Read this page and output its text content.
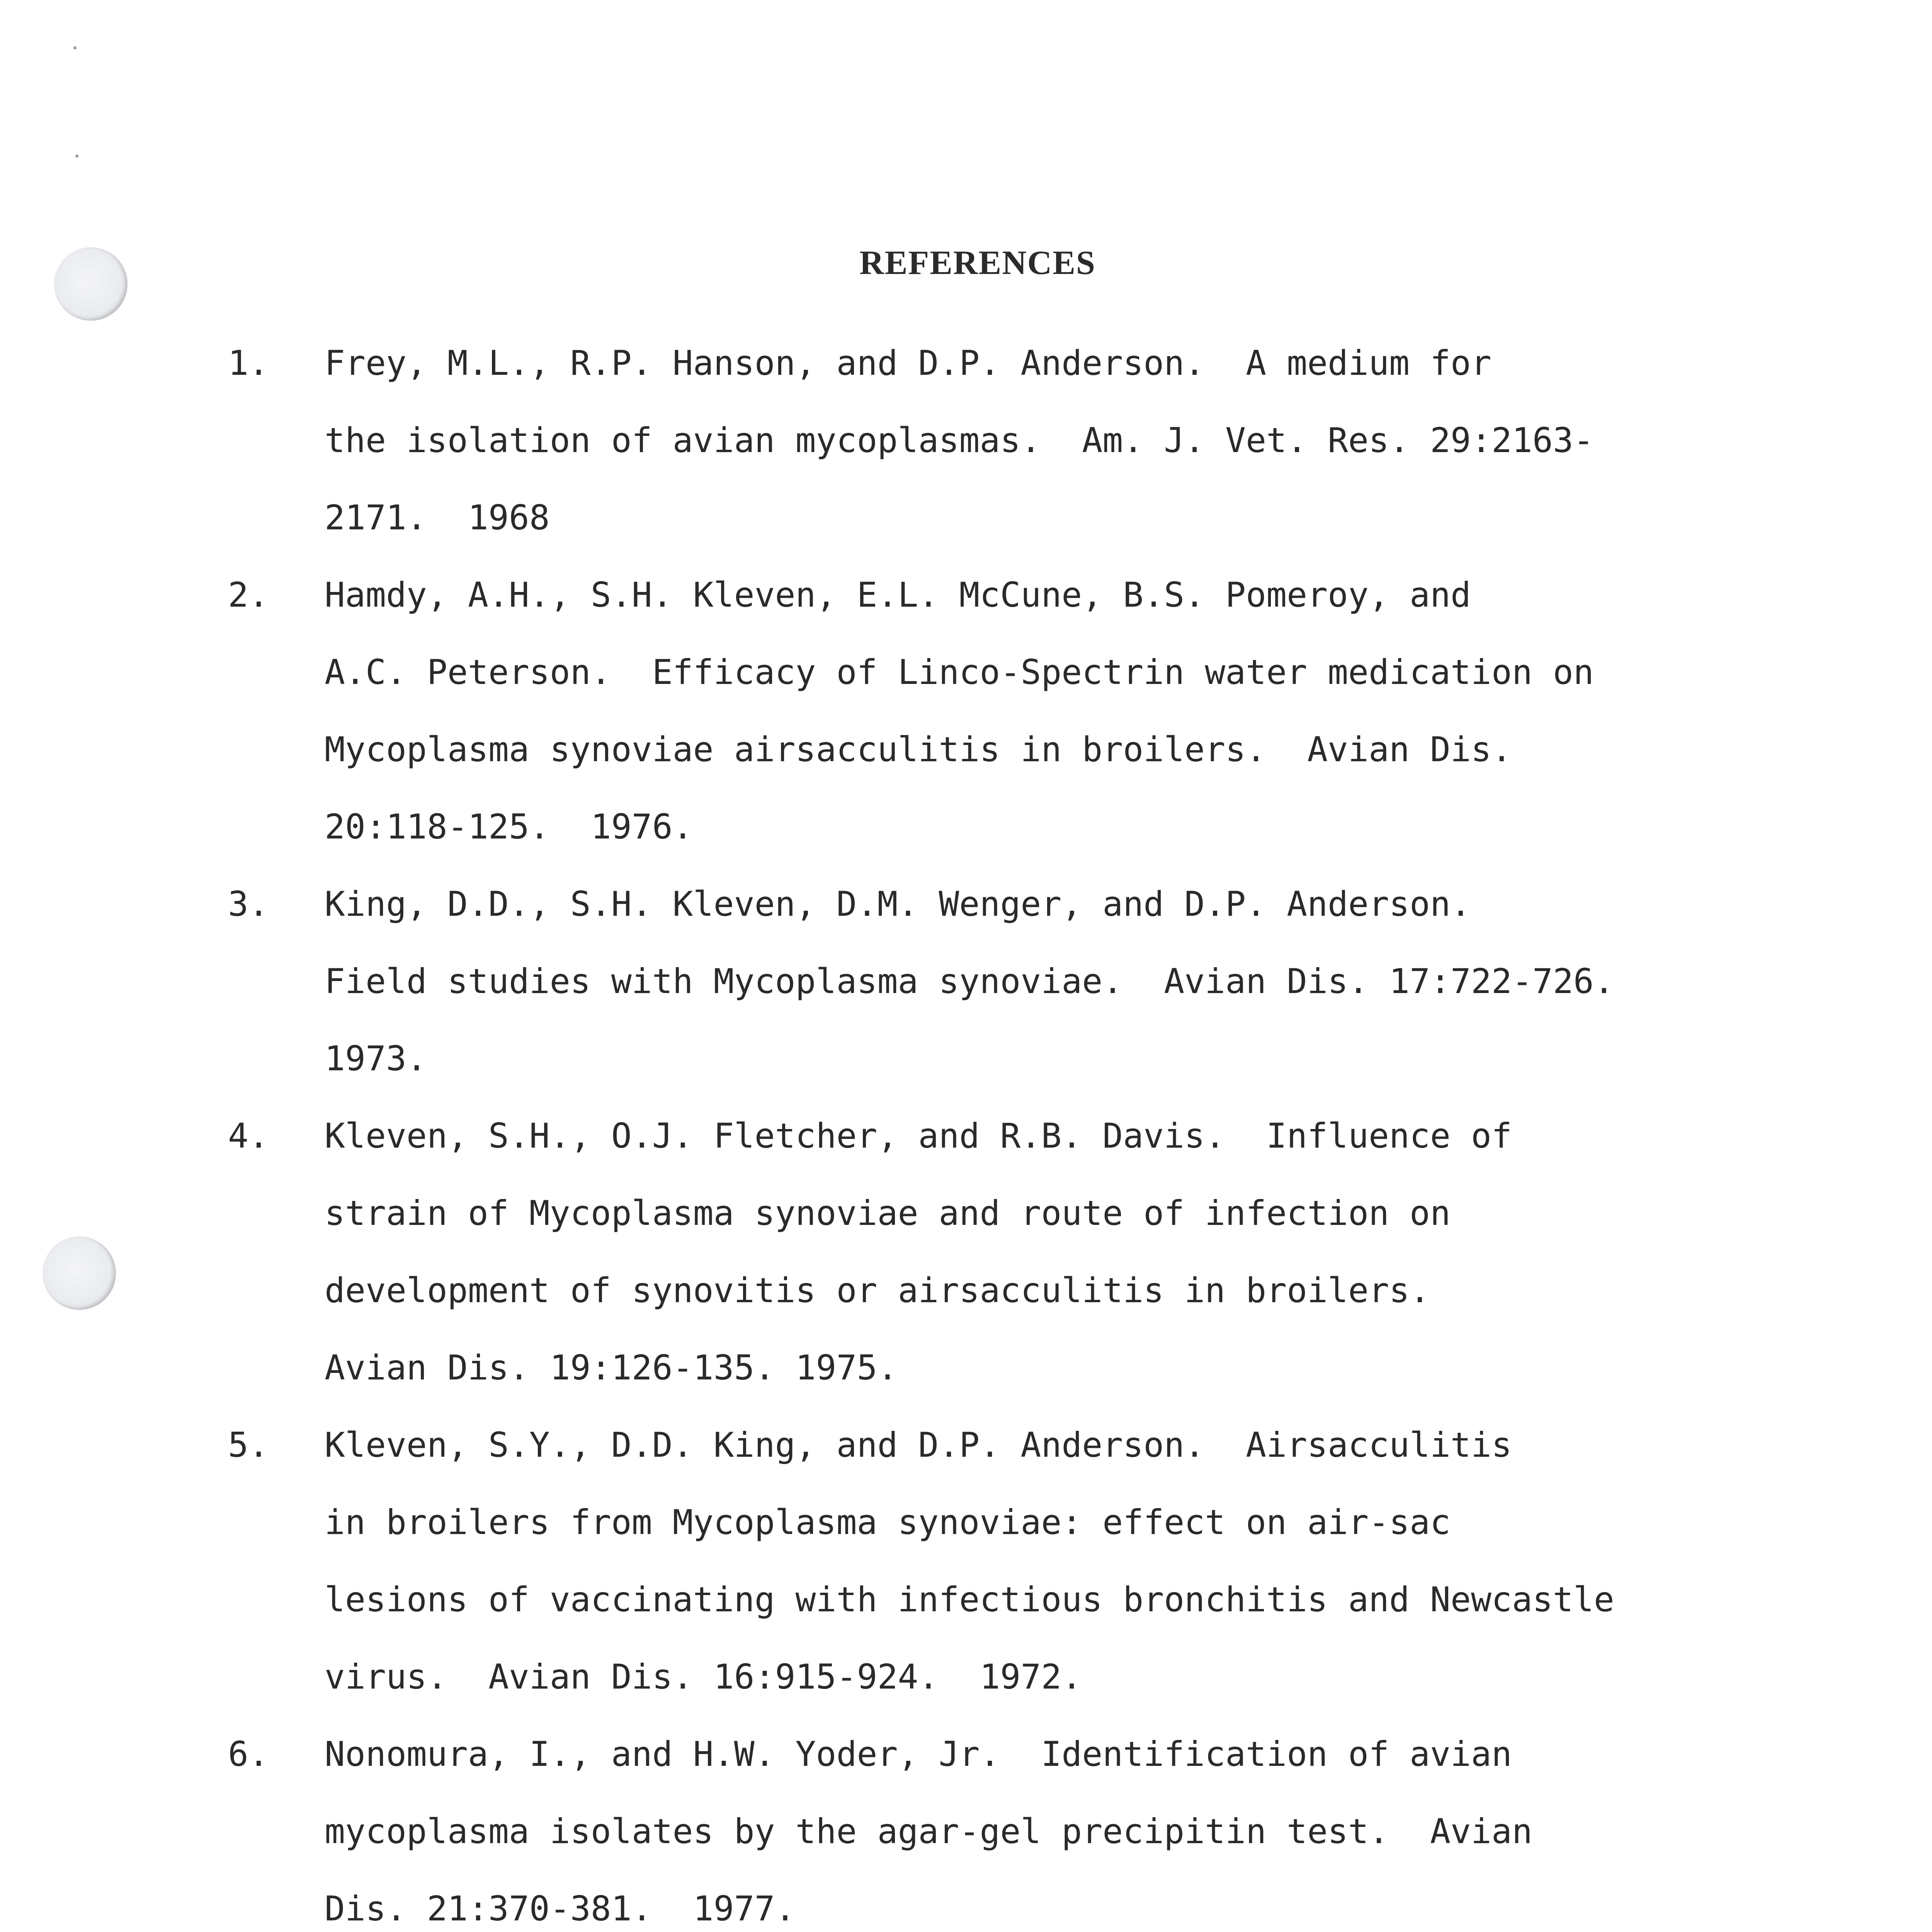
REFERENCES
1. Frey, M.L., R.P. Hanson, and D.P. Anderson.  A medium for
the isolation of avian mycoplasmas.  Am. J. Vet. Res. 29:2163-
2171.  1968
2. Hamdy, A.H., S.H. Kleven, E.L. McCune, B.S. Pomeroy, and
A.C. Peterson.  Efficacy of Linco-Spectrin water medication on
Mycoplasma synoviae airsacculitis in broilers.  Avian Dis.
20:118-125.  1976.
3. King, D.D., S.H. Kleven, D.M. Wenger, and D.P. Anderson.
Field studies with Mycoplasma synoviae.  Avian Dis. 17:722-726.
1973.
4. Kleven, S.H., O.J. Fletcher, and R.B. Davis.  Influence of
strain of Mycoplasma synoviae and route of infection on
development of synovitis or airsacculitis in broilers.
Avian Dis. 19:126-135. 1975.
5. Kleven, S.Y., D.D. King, and D.P. Anderson.  Airsacculitis
in broilers from Mycoplasma synoviae: effect on air-sac
lesions of vaccinating with infectious bronchitis and Newcastle
virus.  Avian Dis. 16:915-924.  1972.
6. Nonomura, I., and H.W. Yoder, Jr.  Identification of avian
mycoplasma isolates by the agar-gel precipitin test.  Avian
Dis. 21:370-381.  1977.
